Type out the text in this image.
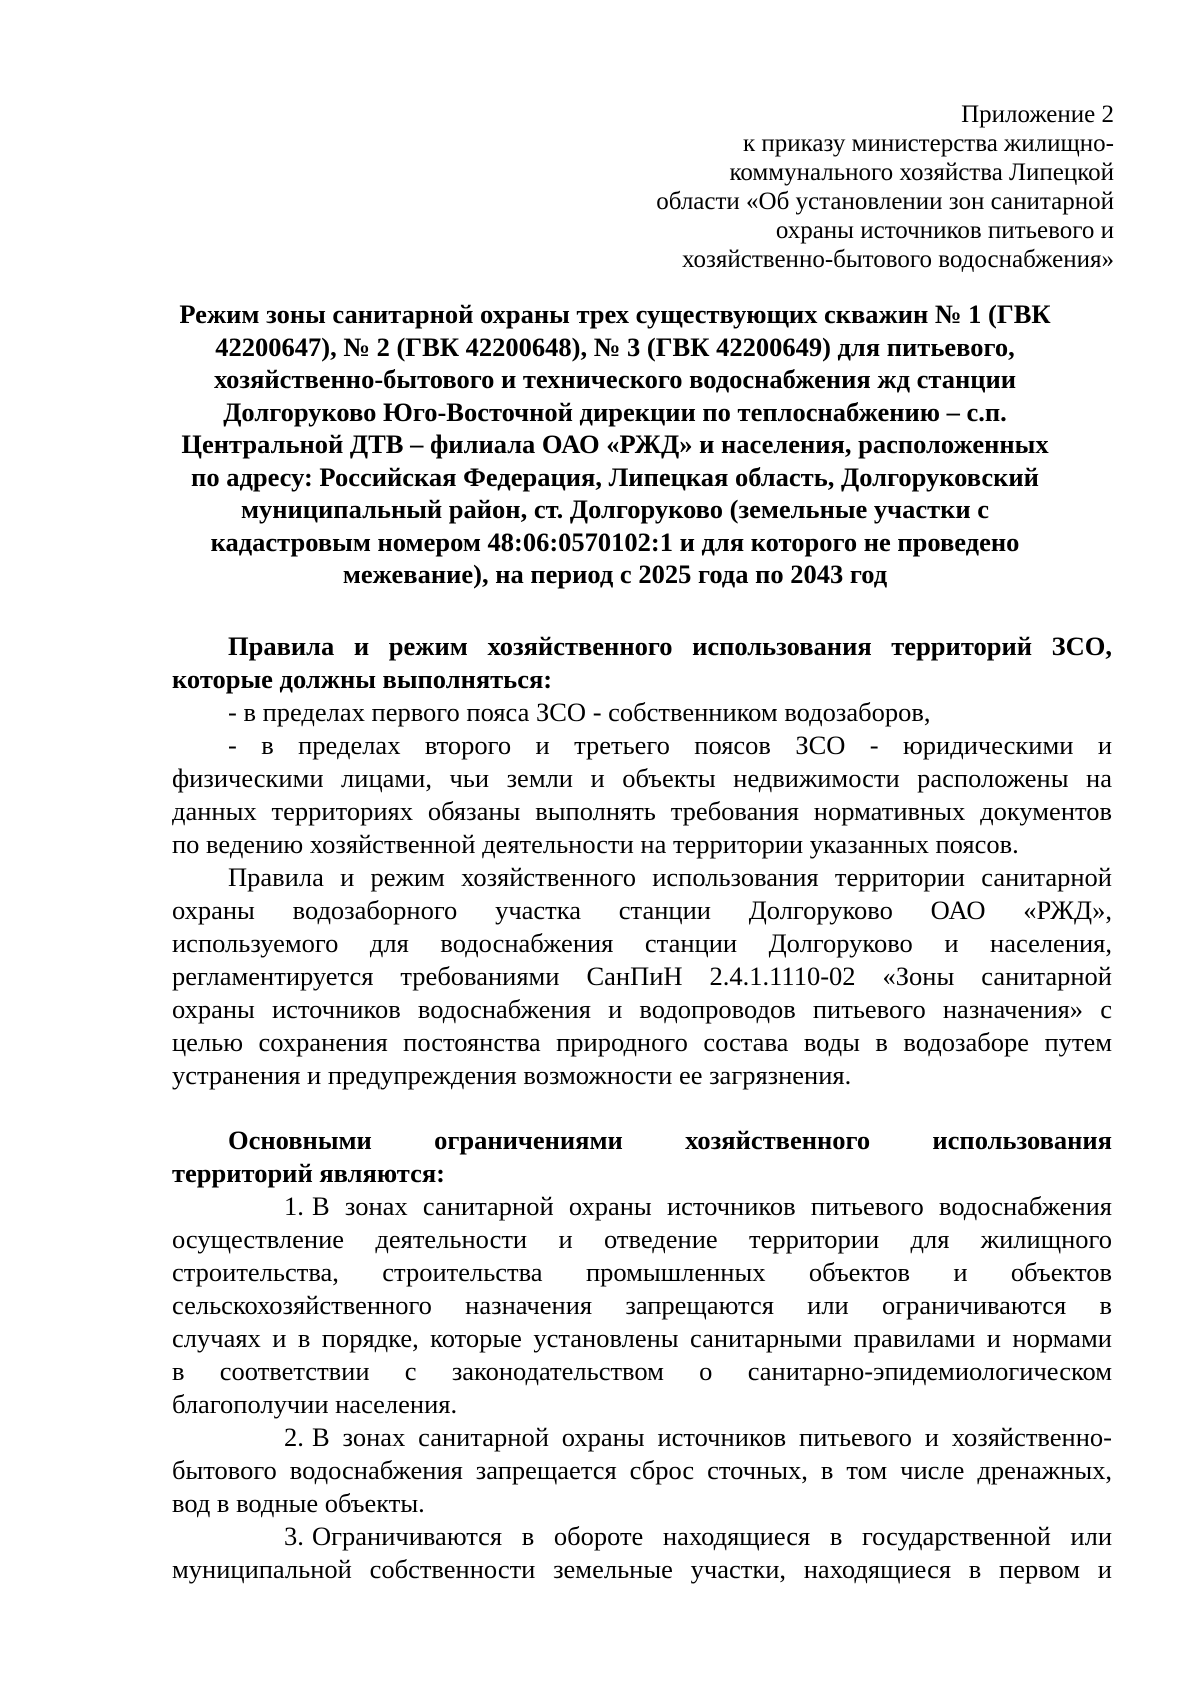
Приложение 2
к приказу министерства жилищно-
коммунального хозяйства Липецкой
области «Об установлении зон санитарной
охраны источников питьевого и
хозяйственно-бытового водоснабжения»
Режим зоны санитарной охраны трех существующих скважин № 1 (ГВК
42200647), № 2 (ГВК 42200648), № 3 (ГВК 42200649) для питьевого,
хозяйственно-бытового и технического водоснабжения жд станции
Долгоруково Юго-Восточной дирекции по теплоснабжению – с.п.
Центральной ДТВ – филиала ОАО «РЖД» и населения, расположенных
по адресу: Российская Федерация, Липецкая область, Долгоруковский
муниципальный район, ст. Долгоруково (земельные участки с
кадастровым номером 48:06:0570102:1 и для которого не проведено
межевание), на период с 2025 года по 2043 год
Правила и режим хозяйственного использования территорий ЗСО,
которые должны выполняться:
- в пределах первого пояса ЗСО - собственником водозаборов,
- в пределах второго и третьего поясов ЗСО - юридическими и
физическими лицами, чьи земли и объекты недвижимости расположены на
данных территориях обязаны выполнять требования нормативных документов
по ведению хозяйственной деятельности на территории указанных поясов.
Правила и режим хозяйственного использования территории санитарной
охраны водозаборного участка станции Долгоруково ОАО «РЖД»,
используемого для водоснабжения станции Долгоруково и населения,
регламентируется требованиями СанПиН 2.4.1.1110-02 «Зоны санитарной
охраны источников водоснабжения и водопроводов питьевого назначения» с
целью сохранения постоянства природного состава воды в водозаборе путем
устранения и предупреждения возможности ее загрязнения.
Основными ограничениями хозяйственного использования
территорий являются:
1. В зонах санитарной охраны источников питьевого водоснабжения
осуществление деятельности и отведение территории для жилищного
строительства, строительства промышленных объектов и объектов
сельскохозяйственного назначения запрещаются или ограничиваются в
случаях и в порядке, которые установлены санитарными правилами и нормами
в соответствии с законодательством о санитарно-эпидемиологическом
благополучии населения.
2. В зонах санитарной охраны источников питьевого и хозяйственно-
бытового водоснабжения запрещается сброс сточных, в том числе дренажных,
вод в водные объекты.
3. Ограничиваются в обороте находящиеся в государственной или
муниципальной собственности земельные участки, находящиеся в первом и
